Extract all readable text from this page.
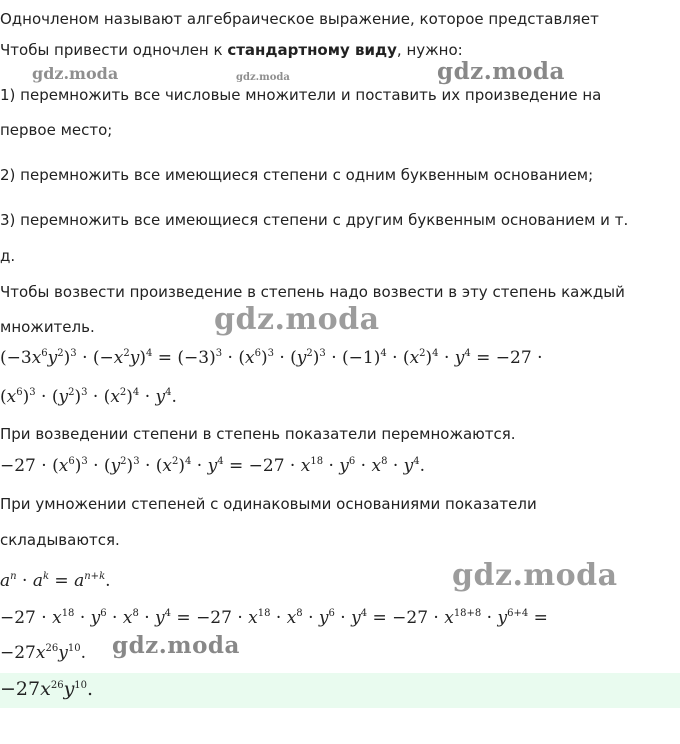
Одночленом называют алгебраическое выражение, которое представляет
Чтобы привести одночлен к стандартному виду, нужно:
1) перемножить все числовые множители и поставить их произведение на
первое место;
2) перемножить все имеющиеся степени с одним буквенным основанием;
3) перемножить все имеющиеся степени с другим буквенным основанием и т.
д.
Чтобы возвести произведение в степень надо возвести в эту степень каждый
множитель.
$(-3x^6y^2)^3 \cdot (-x^2y)^4 = (-3)^3 \cdot (x^6)^3 \cdot (y^2)^3 \cdot (-1)^4 \cdot (x^2)^4 \cdot y^4 = -27$ ·
$(x^6)^3 \cdot (y^2)^3 \cdot (x^2)^4 \cdot y^4$.
При возведении степени в степень показатели перемножаются.
$-27 \cdot (x^6)^3 \cdot (y^2)^3 \cdot (x^2)^4 \cdot y^4 = -27 \cdot x^{18} \cdot y^6 \cdot x^8 \cdot y^4$.
При умножении степеней с одинаковыми основаниями показатели
складываются.
$a^n \cdot a^k = a^{n+k}$.
$-27 \cdot x^{18} \cdot y^6 \cdot x^8 \cdot y^4 = -27 \cdot x^{18} \cdot x^8 \cdot y^6 \cdot y^4 = -27 \cdot x^{18+8} \cdot y^{6+4}$ =
$-27x^{26}y^{10}$.
$-27x^{26}y^{10}$.
gdz.moda	gdz.moda	gdz.moda
gdz.moda
gdz.moda
gdz.moda
